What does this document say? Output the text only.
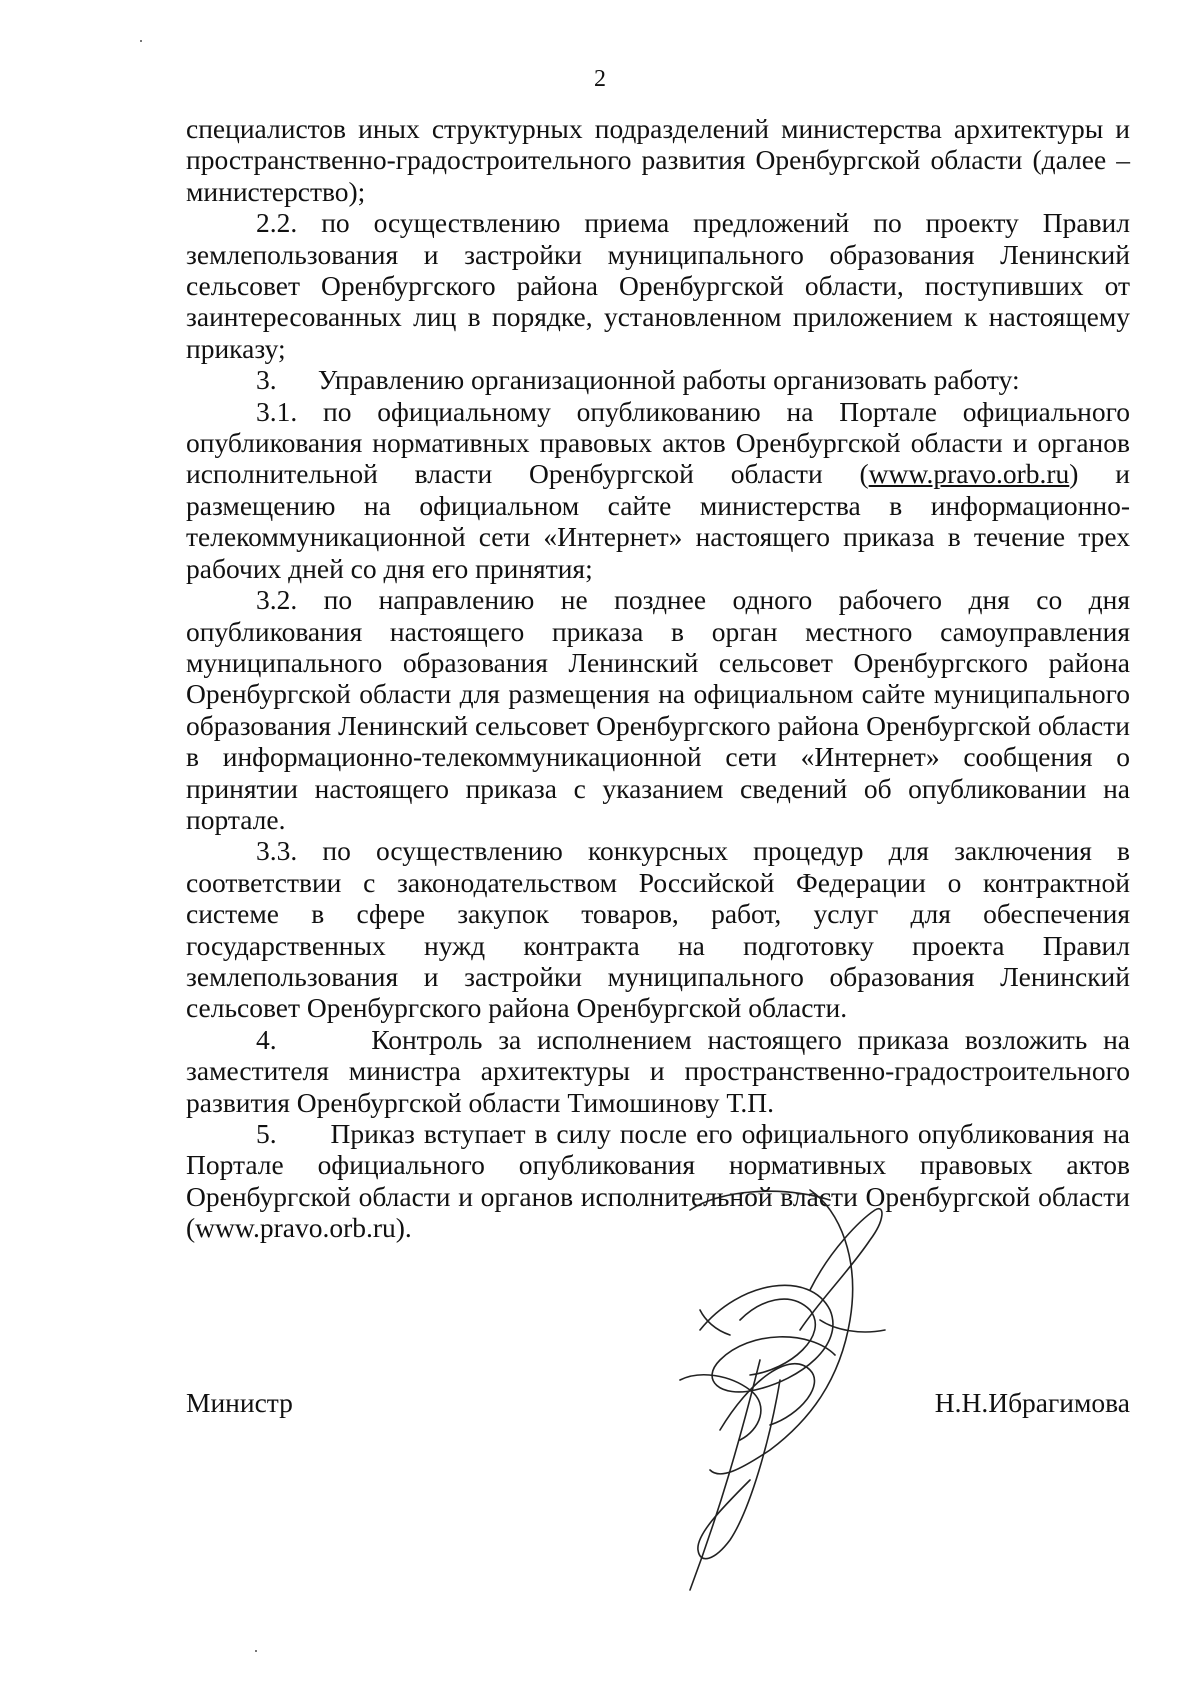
2

специалистов иных структурных подразделений министерства архитектуры и пространственно-градостроительного развития Оренбургской области (далее – министерство);

2.2. по осуществлению приема предложений по проекту Правил землепользования и застройки муниципального образования Ленинский сельсовет Оренбургского района Оренбургской области, поступивших от заинтересованных лиц в порядке, установленном приложением к настоящему приказу;

3.      Управлению организационной работы организовать работу:

3.1. по официальному опубликованию на Портале официального опубликования нормативных правовых актов Оренбургской области и органов исполнительной власти Оренбургской области (www.pravo.orb.ru) и размещению на официальном сайте министерства в информационно-телекоммуникационной сети «Интернет» настоящего приказа в течение трех рабочих дней со дня его принятия;

3.2. по направлению не позднее одного рабочего дня со дня опубликования настоящего приказа в орган местного самоуправления муниципального образования Ленинский сельсовет Оренбургского района Оренбургской области для размещения на официальном сайте муниципального образования Ленинский сельсовет Оренбургского района Оренбургской области в информационно-телекоммуникационной сети «Интернет» сообщения о принятии настоящего приказа с указанием сведений об опубликовании на портале.

3.3. по осуществлению конкурсных процедур для заключения в соответствии с законодательством Российской Федерации о контрактной системе в сфере закупок товаров, работ, услуг для обеспечения государственных нужд контракта на подготовку проекта Правил землепользования и застройки муниципального образования Ленинский сельсовет Оренбургского района Оренбургской области.

4.      Контроль за исполнением настоящего приказа возложить на заместителя министра архитектуры и пространственно-градостроительного развития Оренбургской области Тимошинову Т.П.

5.      Приказ вступает в силу после его официального опубликования на Портале официального опубликования нормативных правовых актов Оренбургской области и органов исполнительной власти Оренбургской области (www.pravo.orb.ru).

Министр	Н.Н.Ибрагимова
